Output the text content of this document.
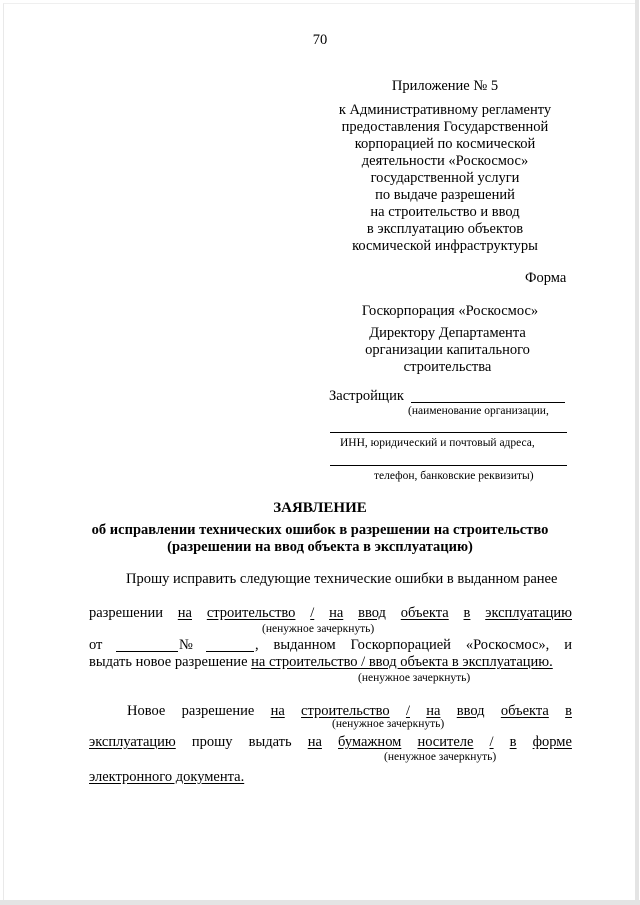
70
Приложение № 5
к Административному регламенту
предоставления Государственной
корпорацией по космической
деятельности «Роскосмос»
государственной услуги
по выдаче разрешений
на строительство и ввод
в эксплуатацию объектов
космической инфраструктуры
Форма
Госкорпорация «Роскосмос»
Директору Департамента
организации капитального
строительства
Застройщик
(наименование организации,
ИНН, юридический и почтовый адреса,
телефон, банковские реквизиты)
ЗАЯВЛЕНИЕ
об исправлении технических ошибок в разрешении на строительство
(разрешении на ввод объекта в эксплуатацию)
Прошу исправить следующие технические ошибки в выданном ранее
разрешении на строительство / на ввод объекта в эксплуатацию
(ненужное зачеркнуть)
от	№	, выданном Госкорпорацией «Роскосмос», и
выдать новое разрешение на строительство / ввод объекта в эксплуатацию.
(ненужное зачеркнуть)
Новое разрешение на строительство / на ввод объекта в
(ненужное зачеркнуть)
эксплуатацию прошу выдать на бумажном носителе / в форме
(ненужное зачеркнуть)
электронного документа.
